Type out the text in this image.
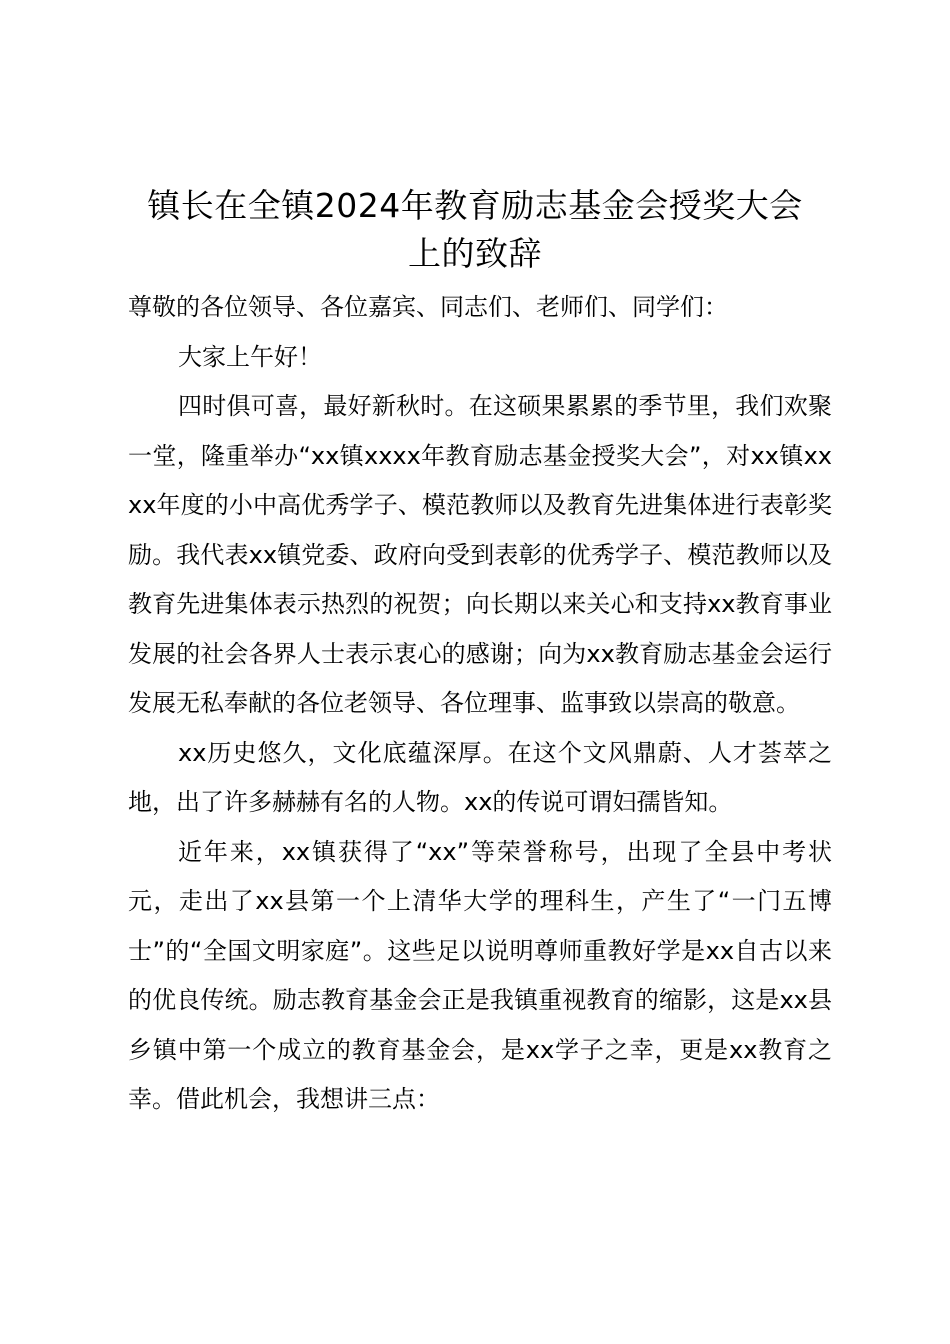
镇长在全镇2024年教育励志基金会授奖大会
上的致辞

尊敬的各位领导、各位嘉宾、同志们、老师们、同学们：

大家上午好！

四时俱可喜，最好新秋时。在这硕果累累的季节里，我们欢聚一堂，隆重举办“xx镇xxxx年教育励志基金授奖大会”，对xx镇xxxx年度的小中高优秀学子、模范教师以及教育先进集体进行表彰奖励。我代表xx镇党委、政府向受到表彰的优秀学子、模范教师以及教育先进集体表示热烈的祝贺；向长期以来关心和支持xx教育事业发展的社会各界人士表示衷心的感谢；向为xx教育励志基金会运行发展无私奉献的各位老领导、各位理事、监事致以崇高的敬意。

xx历史悠久，文化底蕴深厚。在这个文风鼎蔚、人才荟萃之地，出了许多赫赫有名的人物。xx的传说可谓妇孺皆知。

近年来，xx镇获得了“xx”等荣誉称号，出现了全县中考状元，走出了xx县第一个上清华大学的理科生，产生了“一门五博士”的“全国文明家庭”。这些足以说明尊师重教好学是xx自古以来的优良传统。励志教育基金会正是我镇重视教育的缩影，这是xx县乡镇中第一个成立的教育基金会，是xx学子之幸，更是xx教育之幸。借此机会，我想讲三点：
